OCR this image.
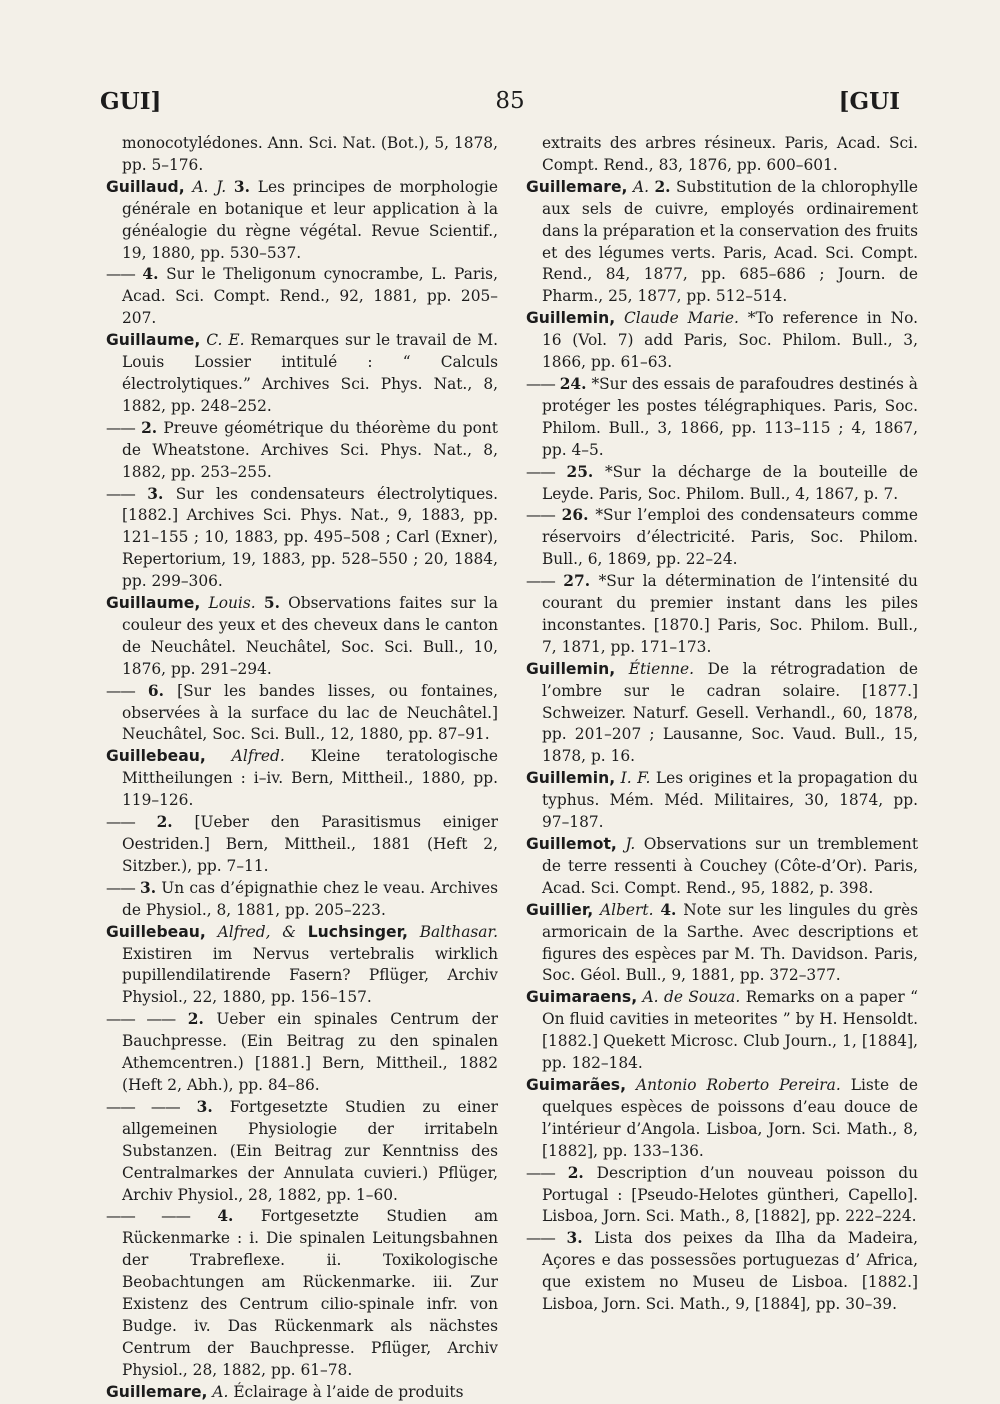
GUI]	85	[GUI

monocotylédones. Ann. Sci. Nat. (Bot.), 5, 1878, pp. 5–176.

Guillaud, A. J. 3. Les principes de morphologie générale en botanique et leur application à la généalogie du règne végétal. Revue Scientif., 19, 1880, pp. 530–537.

—— 4. Sur le Theligonum cynocrambe, L. Paris, Acad. Sci. Compt. Rend., 92, 1881, pp. 205–207.

Guillaume, C. E. Remarques sur le travail de M. Louis Lossier intitulé : “ Calculs électrolytiques.” Archives Sci. Phys. Nat., 8, 1882, pp. 248–252.

—— 2. Preuve géométrique du théorème du pont de Wheatstone. Archives Sci. Phys. Nat., 8, 1882, pp. 253–255.

—— 3. Sur les condensateurs électrolytiques. [1882.] Archives Sci. Phys. Nat., 9, 1883, pp. 121–155 ; 10, 1883, pp. 495–508 ; Carl (Exner), Repertorium, 19, 1883, pp. 528–550 ; 20, 1884, pp. 299–306.

Guillaume, Louis. 5. Observations faites sur la couleur des yeux et des cheveux dans le canton de Neuchâtel. Neuchâtel, Soc. Sci. Bull., 10, 1876, pp. 291–294.

—— 6. [Sur les bandes lisses, ou fontaines, observées à la surface du lac de Neuchâtel.] Neuchâtel, Soc. Sci. Bull., 12, 1880, pp. 87–91.

Guillebeau, Alfred. Kleine teratologische Mittheilungen : i–iv. Bern, Mittheil., 1880, pp. 119–126.

—— 2. [Ueber den Parasitismus einiger Oestriden.] Bern, Mittheil., 1881 (Heft 2, Sitzber.), pp. 7–11.

—— 3. Un cas d’épignathie chez le veau. Archives de Physiol., 8, 1881, pp. 205–223.

Guillebeau, Alfred, & Luchsinger, Balthasar. Existiren im Nervus vertebralis wirklich pupillendilatirende Fasern? Pflüger, Archiv Physiol., 22, 1880, pp. 156–157.

—— —— 2. Ueber ein spinales Centrum der Bauchpresse. (Ein Beitrag zu den spinalen Athemcentren.) [1881.] Bern, Mittheil., 1882 (Heft 2, Abh.), pp. 84–86.

—— —— 3. Fortgesetzte Studien zu einer allgemeinen Physiologie der irritabeln Substanzen. (Ein Beitrag zur Kenntniss des Centralmarkes der Annulata cuvieri.) Pflüger, Archiv Physiol., 28, 1882, pp. 1–60.

—— —— 4. Fortgesetzte Studien am Rückenmarke : i. Die spinalen Leitungsbahnen der Trabreflexe. ii. Toxikologische Beobachtungen am Rückenmarke. iii. Zur Existenz des Centrum cilio-spinale infr. von Budge. iv. Das Rückenmark als nächstes Centrum der Bauchpresse. Pflüger, Archiv Physiol., 28, 1882, pp. 61–78.

Guillemare, A. Éclairage à l’aide de produits

extraits des arbres résineux. Paris, Acad. Sci. Compt. Rend., 83, 1876, pp. 600–601.

Guillemare, A. 2. Substitution de la chlorophylle aux sels de cuivre, employés ordinairement dans la préparation et la conservation des fruits et des légumes verts. Paris, Acad. Sci. Compt. Rend., 84, 1877, pp. 685–686 ; Journ. de Pharm., 25, 1877, pp. 512–514.

Guillemin, Claude Marie. *To reference in No. 16 (Vol. 7) add Paris, Soc. Philom. Bull., 3, 1866, pp. 61–63.

—— 24. *Sur des essais de parafoudres destinés à protéger les postes télégraphiques. Paris, Soc. Philom. Bull., 3, 1866, pp. 113–115 ; 4, 1867, pp. 4–5.

—— 25. *Sur la décharge de la bouteille de Leyde. Paris, Soc. Philom. Bull., 4, 1867, p. 7.

—— 26. *Sur l’emploi des condensateurs comme réservoirs d’électricité. Paris, Soc. Philom. Bull., 6, 1869, pp. 22–24.

—— 27. *Sur la détermination de l’intensité du courant du premier instant dans les piles inconstantes. [1870.] Paris, Soc. Philom. Bull., 7, 1871, pp. 171–173.

Guillemin, Étienne. De la rétrogradation de l’ombre sur le cadran solaire. [1877.] Schweizer. Naturf. Gesell. Verhandl., 60, 1878, pp. 201–207 ; Lausanne, Soc. Vaud. Bull., 15, 1878, p. 16.

Guillemin, I. F. Les origines et la propagation du typhus. Mém. Méd. Militaires, 30, 1874, pp. 97–187.

Guillemot, J. Observations sur un tremblement de terre ressenti à Couchey (Côte-d’Or). Paris, Acad. Sci. Compt. Rend., 95, 1882, p. 398.

Guillier, Albert. 4. Note sur les lingules du grès armoricain de la Sarthe. Avec descriptions et figures des espèces par M. Th. Davidson. Paris, Soc. Géol. Bull., 9, 1881, pp. 372–377.

Guimaraens, A. de Souza. Remarks on a paper “ On fluid cavities in meteorites ” by H. Hensoldt. [1882.] Quekett Microsc. Club Journ., 1, [1884], pp. 182–184.

Guimarães, Antonio Roberto Pereira. Liste de quelques espèces de poissons d’eau douce de l’intérieur d’Angola. Lisboa, Jorn. Sci. Math., 8, [1882], pp. 133–136.

—— 2. Description d’un nouveau poisson du Portugal : [Pseudo-Helotes güntheri, Capello]. Lisboa, Jorn. Sci. Math., 8, [1882], pp. 222–224.

—— 3. Lista dos peixes da Ilha da Madeira, Açores e das possessões portuguezas d’ Africa, que existem no Museu de Lisboa. [1882.] Lisboa, Jorn. Sci. Math., 9, [1884], pp. 30–39.
